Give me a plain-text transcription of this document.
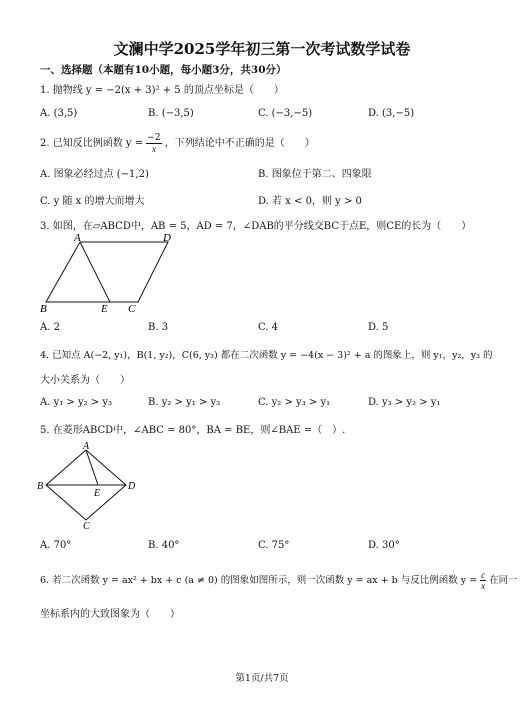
文澜中学2025学年初三第一次考试数学试卷
一、选择题（本题有10小题，每小题3分，共30分）
1. 抛物线 y = −2(x + 3)² + 5 的顶点坐标是（　　）
A. (3,5)	B. (−3,5)	C. (−3,−5)	D. (3,−5)
2. 已知反比例函数 $y = \frac{-2}{x}$ ，下列结论中不正确的是（　　）
A. 图象必经过点 (−1,2)	B. 图象位于第二、四象限
C. y 随 x 的增大而增大	D. 若 x < 0，则 y > 0
3. 如图，在▱ABCD中，AB = 5，AD = 7，∠DAB的平分线交BC于点E，则CE的长为（　　）
A	D
B	E C
A. 2	B. 3	C. 4	D. 5
4. 已知点 A(−2, y₁)，B(1, y₂)，C(6, y₃) 都在二次函数 y = −4(x − 3)² + a 的图象上，则 y₁，y₂，y₃ 的
大小关系为（　　）
A. y₁ > y₂ > y₃	B. y₂ > y₁ > y₃	C. y₂ > y₃ > y₁	D. y₃ > y₂ > y₁
5. 在菱形ABCD中，∠ABC = 80°，BA = BE，则∠BAE =（　）.
A
B	D
E
C
A. 70°	B. 40°	C. 75°	D. 30°
6. 若二次函数 y = ax² + bx + c (a ≠ 0) 的图象如图所示，则一次函数 y = ax + b 与反比例函数 $y = \frac{c}{x}$ 在同一
坐标系内的大致图象为（　　）
第1页/共7页
